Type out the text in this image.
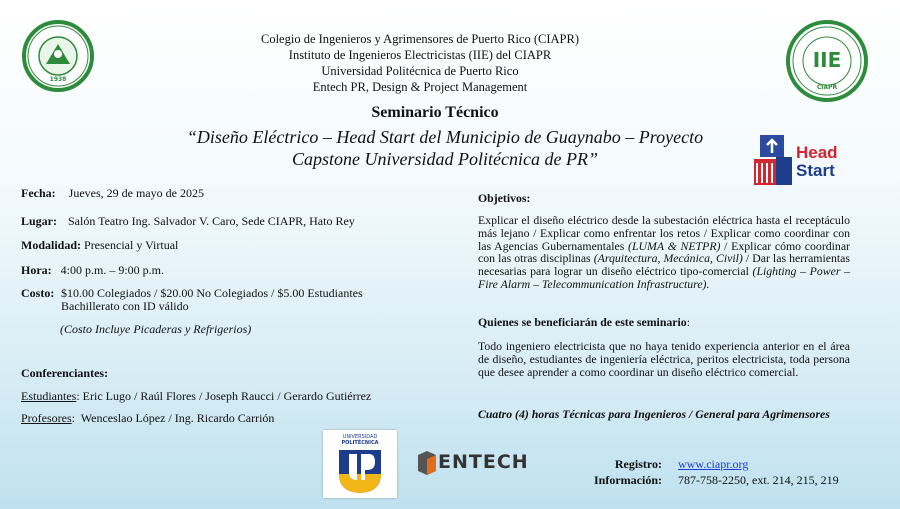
1938
Colegio de Ingenieros y Agrimensores de Puerto Rico (CIAPR)
Instituto de Ingenieros Electricistas (IIE) del CIAPR
Universidad Politécnica de Puerto Rico
Entech PR, Design & Project Management
IIE
CIAPR
Seminario Técnico
“Diseño Eléctrico – Head Start del Municipio de Guaynabo – Proyecto
Capstone Universidad Politécnica de PR”	Head
Start
Fecha: Jueves, 29 de mayo de 2025
Lugar: Salón Teatro Ing. Salvador V. Caro, Sede CIAPR, Hato Rey
Modalidad: Presencial y Virtual
Hora: 4:00 p.m. – 9:00 p.m.
Costo: $10.00 Colegiados / $20.00 No Colegiados / $5.00 Estudiantes
Bachillerato con ID válido
(Costo Incluye Picaderas y Refrigerios)
Conferenciantes:
Estudiantes: Eric Lugo / Raúl Flores / Joseph Raucci / Gerardo Gutiérrez
Profesores:  Wenceslao López / Ing. Ricardo Carrión
Objetivos:
Explicar el diseño eléctrico desde la subestación eléctrica hasta el receptáculo más lejano / Explicar como enfrentar los retos / Explicar como coordinar con las Agencias Gubernamentales (LUMA & NETPR) / Explicar cómo coordinar con las otras disciplinas (Arquitectura, Mecánica, Civil) / Dar las herramientas necesarias para lograr un diseño eléctrico tipo-comercial (Lighting – Power – Fire Alarm – Telecommunication Infrastructure).
Quienes se beneficiarán de este seminario:
Todo ingeniero electricista que no haya tenido experiencia anterior en el área de diseño, estudiantes de ingeniería eléctrica, peritos electricista, toda persona que desee aprender a como coordinar un diseño eléctrico comercial.
Cuatro (4) horas Técnicas para Ingenieros / General para Agrimensores
UNIVERSIDAD
POLITÉCNICA
ENTECH	Registro:
Información:
www.ciapr.org
787-758-2250, ext. 214, 215, 219
